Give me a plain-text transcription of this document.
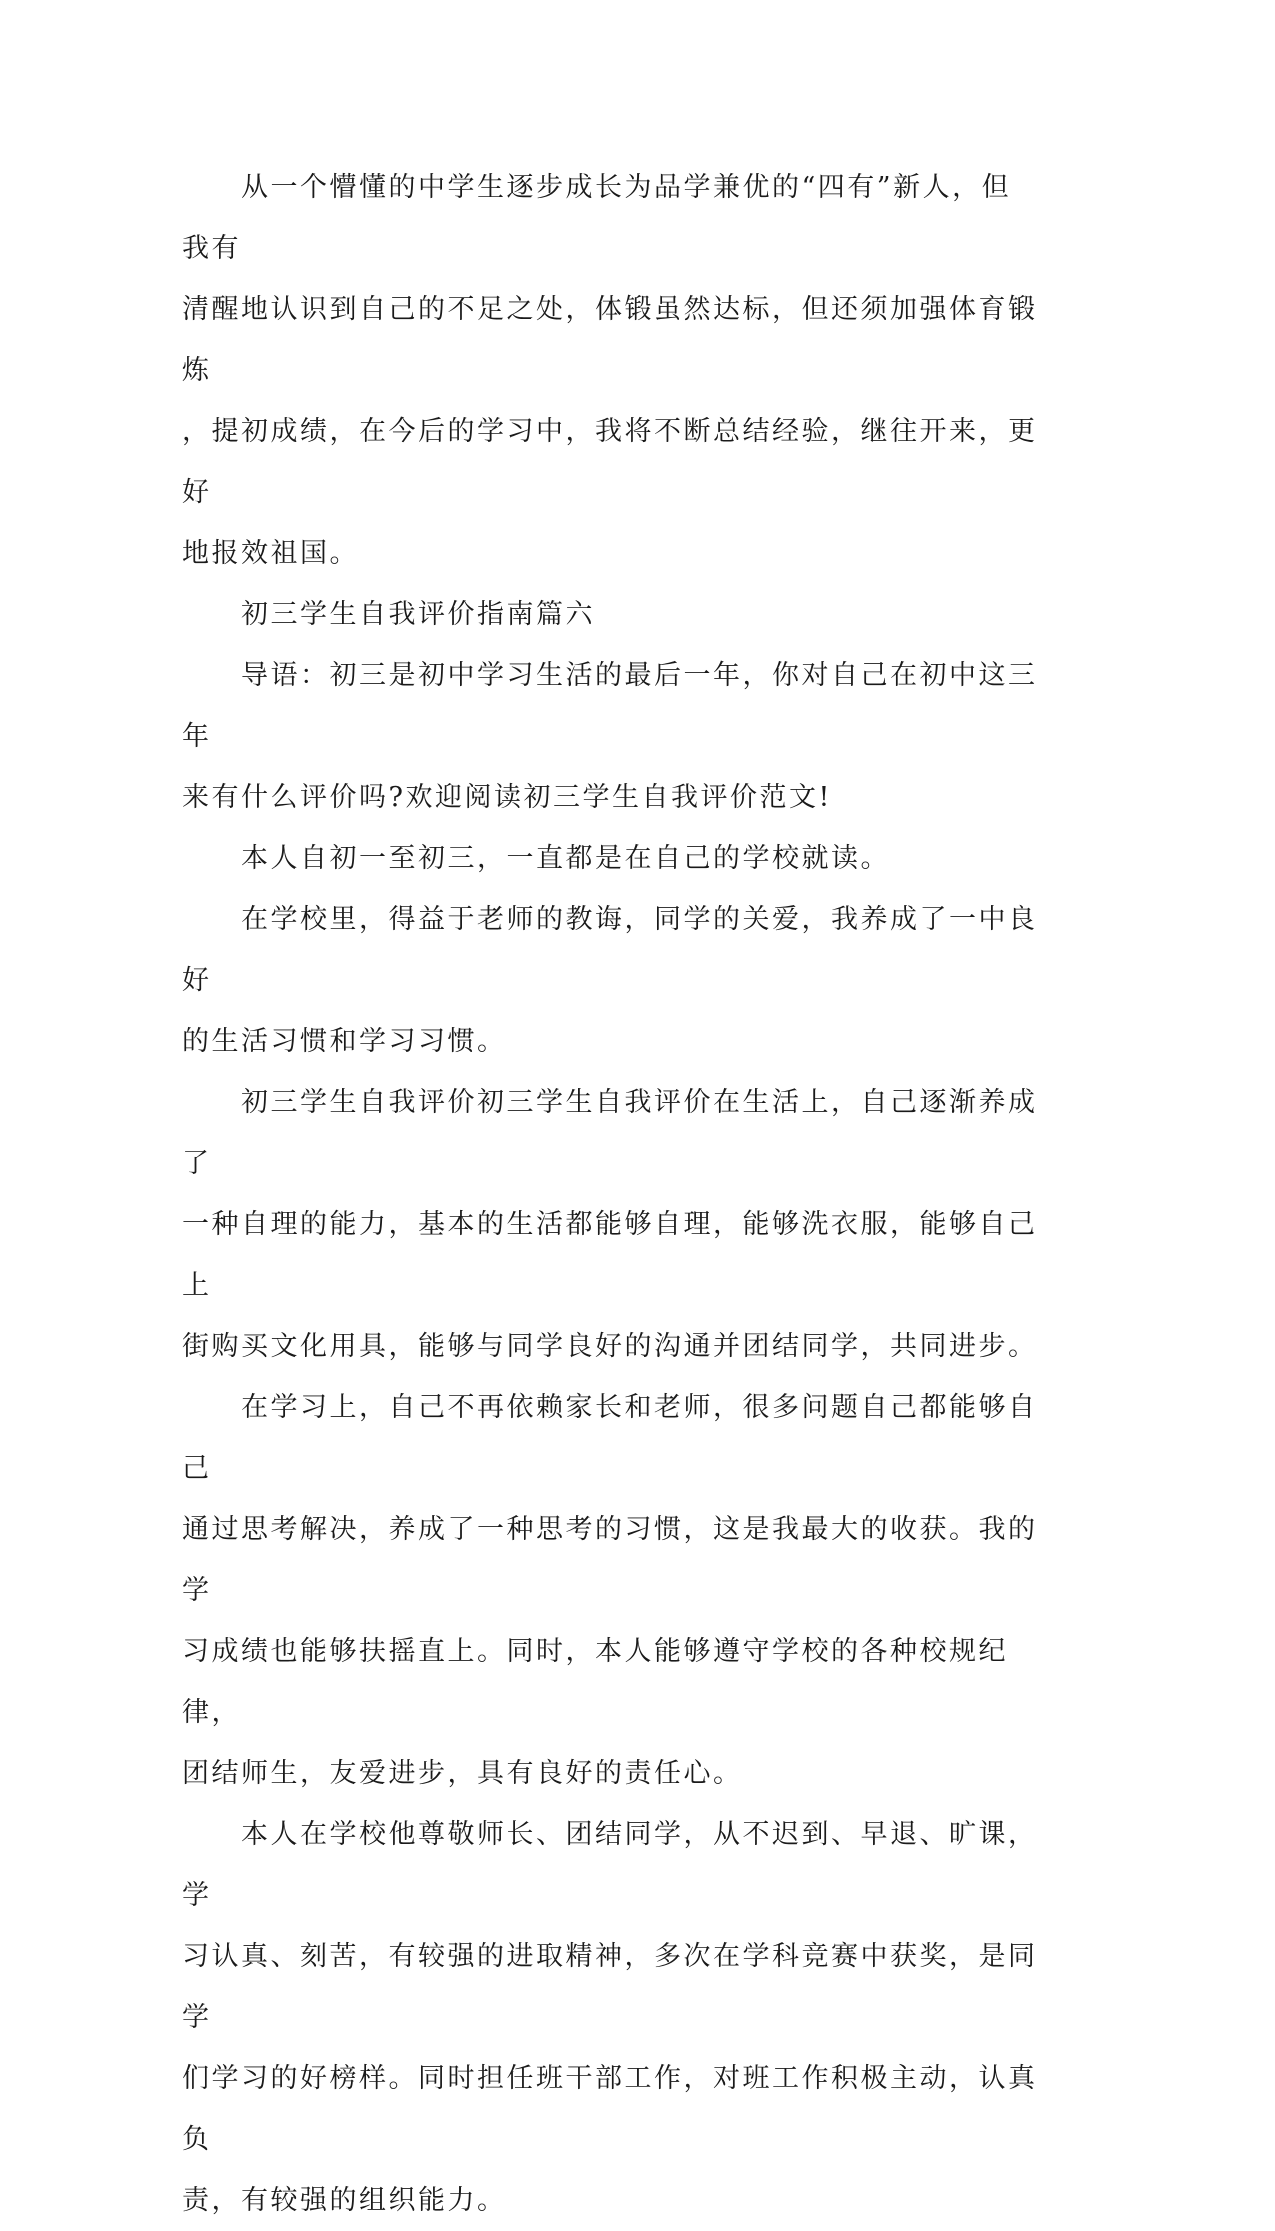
　　从一个懵懂的中学生逐步成长为品学兼优的“四有”新人，但我有
清醒地认识到自己的不足之处，体锻虽然达标，但还须加强体育锻炼
，提初成绩，在今后的学习中，我将不断总结经验，继往开来，更好
地报效祖国。

　　初三学生自我评价指南篇六

　　导语：初三是初中学习生活的最后一年，你对自己在初中这三年
来有什么评价吗?欢迎阅读初三学生自我评价范文!

　　本人自初一至初三，一直都是在自己的学校就读。

　　在学校里，得益于老师的教诲，同学的关爱，我养成了一中良好
的生活习惯和学习习惯。

　　初三学生自我评价初三学生自我评价在生活上，自己逐渐养成了
一种自理的能力，基本的生活都能够自理，能够洗衣服，能够自己上
街购买文化用具，能够与同学良好的沟通并团结同学，共同进步。

　　在学习上，自己不再依赖家长和老师，很多问题自己都能够自己
通过思考解决，养成了一种思考的习惯，这是我最大的收获。我的学
习成绩也能够扶摇直上。同时，本人能够遵守学校的各种校规纪律，
团结师生，友爱进步，具有良好的责任心。

　　本人在学校他尊敬师长、团结同学，从不迟到、早退、旷课，学
习认真、刻苦，有较强的进取精神，多次在学科竞赛中获奖，是同学
们学习的好榜样。同时担任班干部工作，对班工作积极主动，认真负
责，有较强的组织能力。
